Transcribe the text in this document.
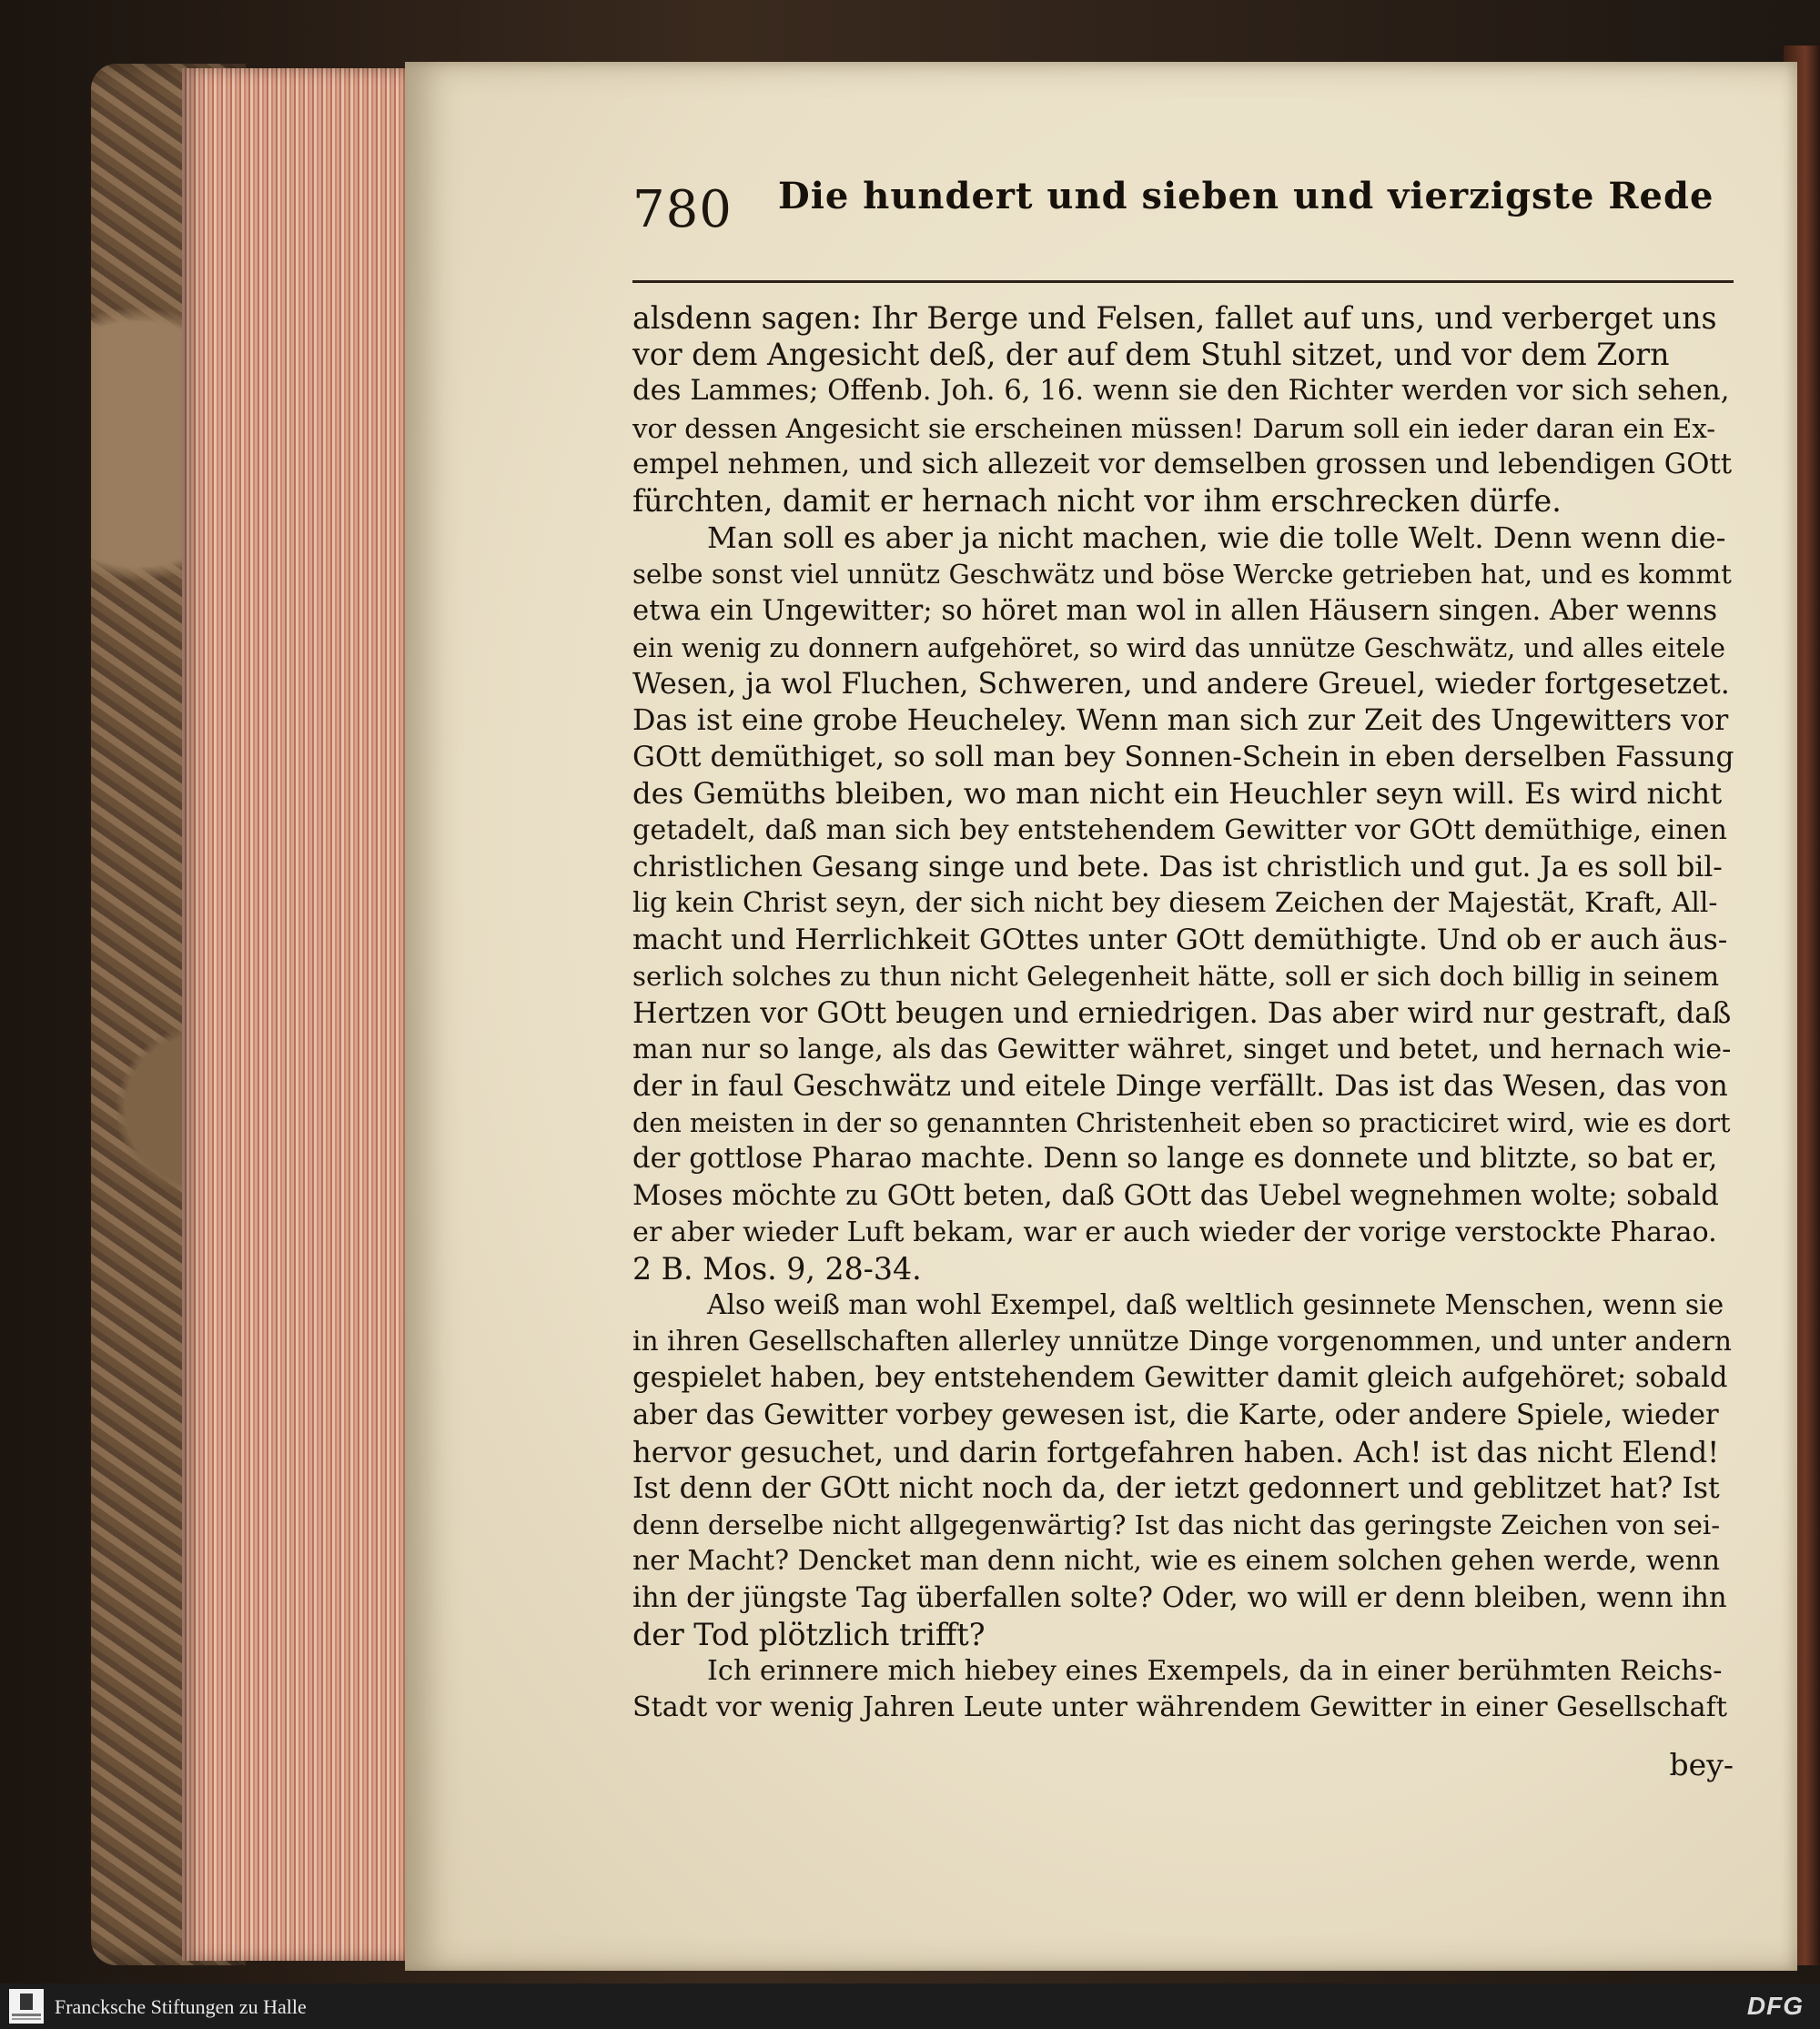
780 Die hundert und sieben und vierzigste Rede
alsdenn sagen: Ihr Berge und Felsen, fallet auf uns, und verberget uns
vor dem Angesicht deß, der auf dem Stuhl sitzet, und vor dem Zorn
des Lammes; Offenb. Joh. 6, 16. wenn sie den Richter werden vor sich sehen,
vor dessen Angesicht sie erscheinen müssen! Darum soll ein ieder daran ein Ex-
empel nehmen, und sich allezeit vor demselben grossen und lebendigen GOtt
fürchten, damit er hernach nicht vor ihm erschrecken dürfe.
Man soll es aber ja nicht machen, wie die tolle Welt. Denn wenn die-
selbe sonst viel unnütz Geschwätz und böse Wercke getrieben hat, und es kommt
etwa ein Ungewitter; so höret man wol in allen Häusern singen. Aber wenns
ein wenig zu donnern aufgehöret, so wird das unnütze Geschwätz, und alles eitele
Wesen, ja wol Fluchen, Schweren, und andere Greuel, wieder fortgesetzet.
Das ist eine grobe Heucheley. Wenn man sich zur Zeit des Ungewitters vor
GOtt demüthiget, so soll man bey Sonnen-Schein in eben derselben Fassung
des Gemüths bleiben, wo man nicht ein Heuchler seyn will. Es wird nicht
getadelt, daß man sich bey entstehendem Gewitter vor GOtt demüthige, einen
christlichen Gesang singe und bete. Das ist christlich und gut. Ja es soll bil-
lig kein Christ seyn, der sich nicht bey diesem Zeichen der Majestät, Kraft, All-
macht und Herrlichkeit GOttes unter GOtt demüthigte. Und ob er auch äus-
serlich solches zu thun nicht Gelegenheit hätte, soll er sich doch billig in seinem
Hertzen vor GOtt beugen und erniedrigen. Das aber wird nur gestraft, daß
man nur so lange, als das Gewitter währet, singet und betet, und hernach wie-
der in faul Geschwätz und eitele Dinge verfällt. Das ist das Wesen, das von
den meisten in der so genannten Christenheit eben so practiciret wird, wie es dort
der gottlose Pharao machte. Denn so lange es donnete und blitzte, so bat er,
Moses möchte zu GOtt beten, daß GOtt das Uebel wegnehmen wolte; sobald
er aber wieder Luft bekam, war er auch wieder der vorige verstockte Pharao.
2 B. Mos. 9, 28-34.
Also weiß man wohl Exempel, daß weltlich gesinnete Menschen, wenn sie
in ihren Gesellschaften allerley unnütze Dinge vorgenommen, und unter andern
gespielet haben, bey entstehendem Gewitter damit gleich aufgehöret; sobald
aber das Gewitter vorbey gewesen ist, die Karte, oder andere Spiele, wieder
hervor gesuchet, und darin fortgefahren haben. Ach! ist das nicht Elend!
Ist denn der GOtt nicht noch da, der ietzt gedonnert und geblitzet hat? Ist
denn derselbe nicht allgegenwärtig? Ist das nicht das geringste Zeichen von sei-
ner Macht? Dencket man denn nicht, wie es einem solchen gehen werde, wenn
ihn der jüngste Tag überfallen solte? Oder, wo will er denn bleiben, wenn ihn
der Tod plötzlich trifft?
Ich erinnere mich hiebey eines Exempels, da in einer berühmten Reichs-
Stadt vor wenig Jahren Leute unter währendem Gewitter in einer Gesellschaft
bey-
Francksche Stiftungen zu Halle	DFG
